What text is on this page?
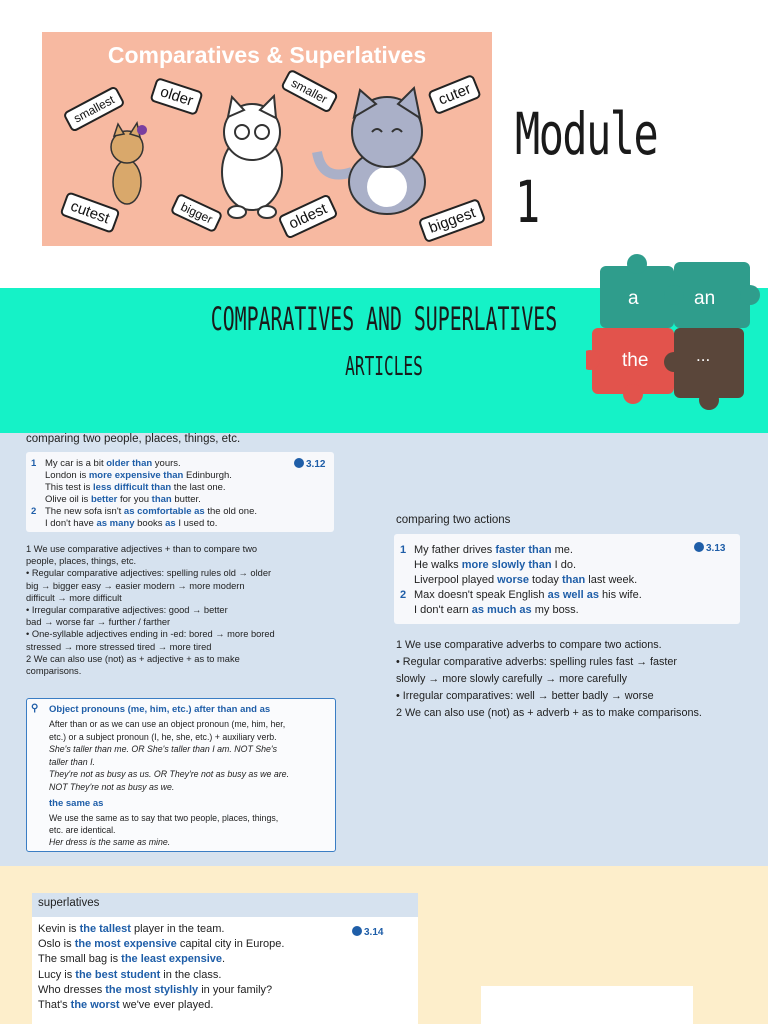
Comparatives & Superlatives
smallest	older	smaller	cuter
cutest	bigger	oldest	biggest
Module 1
COMPARATIVES AND SUPERLATIVES
ARTICLES
a	an
the	...
comparing two people, places, things, etc.
3.12
1 My car is a bit older than yours.
London is more expensive than Edinburgh.
This test is less difficult than the last one.
Olive oil is better for you than butter.
2 The new sofa isn't as comfortable as the old one.
I don't have as many books as I used to.
1 We use comparative adjectives + than to compare two
people, places, things, etc.
• Regular comparative adjectives: spelling rules old → older
big → bigger easy → easier modern → more modern
difficult → more difficult
• Irregular comparative adjectives: good → better
bad → worse far → further / farther
• One-syllable adjectives ending in -ed: bored → more bored
stressed → more stressed tired → more tired
2 We can also use (not) as + adjective + as to make
comparisons.
⚲ Object pronouns (me, him, etc.) after than and as
After than or as we can use an object pronoun (me, him, her,
etc.) or a subject pronoun (I, he, she, etc.) + auxiliary verb.
She's taller than me. OR She's taller than I am. NOT She's
taller than I.
They're not as busy as us. OR They're not as busy as we are.
NOT They're not as busy as we.
the same as
We use the same as to say that two people, places, things,
etc. are identical.
Her dress is the same as mine.
comparing two actions
3.13
1 My father drives faster than me.
He walks more slowly than I do.
Liverpool played worse today than last week.
2 Max doesn't speak English as well as his wife.
I don't earn as much as my boss.
1 We use comparative adverbs to compare two actions.
• Regular comparative adverbs: spelling rules fast → faster
slowly → more slowly carefully → more carefully
• Irregular comparatives: well → better badly → worse
2 We can also use (not) as + adverb + as to make comparisons.
superlatives
3.14
Kevin is the tallest player in the team.
Oslo is the most expensive capital city in Europe.
The small bag is the least expensive.
Lucy is the best student in the class.
Who dresses the most stylishly in your family?
That's the worst we've ever played.
